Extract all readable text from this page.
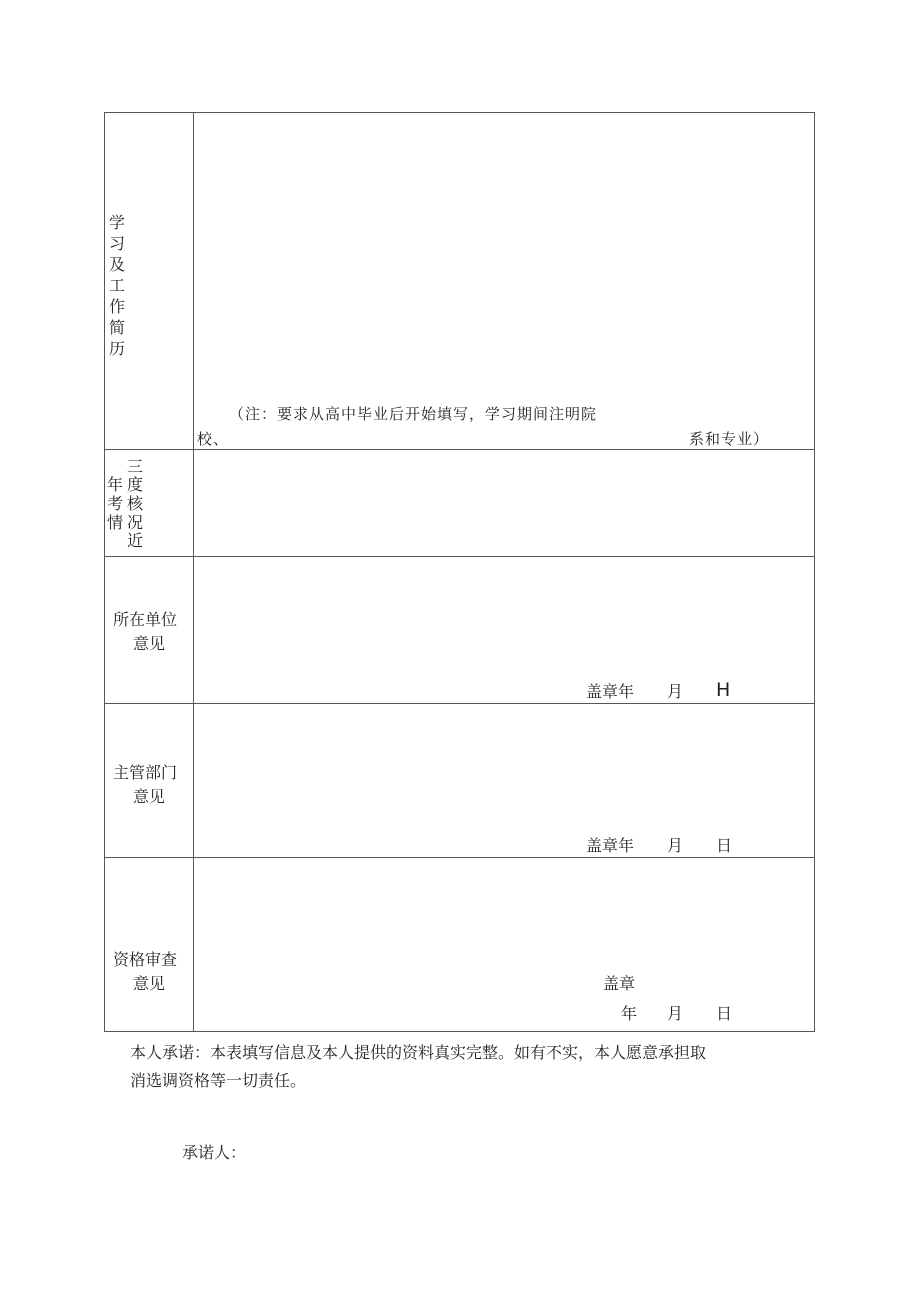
学
习
及
工
作
简
历
（注：要求从高中毕业后开始填写，学习期间注明院
校、	系和专业）
三
年 度
考 核
情 况
近
所在单位
意见
盖章年 月 H
主管部门
意见
盖章年 月 日
资格审查
意见	盖章
年 月 日
本人承诺：本表填写信息及本人提供的资料真实完整。如有不实，本人愿意承担取
消选调资格等一切责任。
承诺人：
